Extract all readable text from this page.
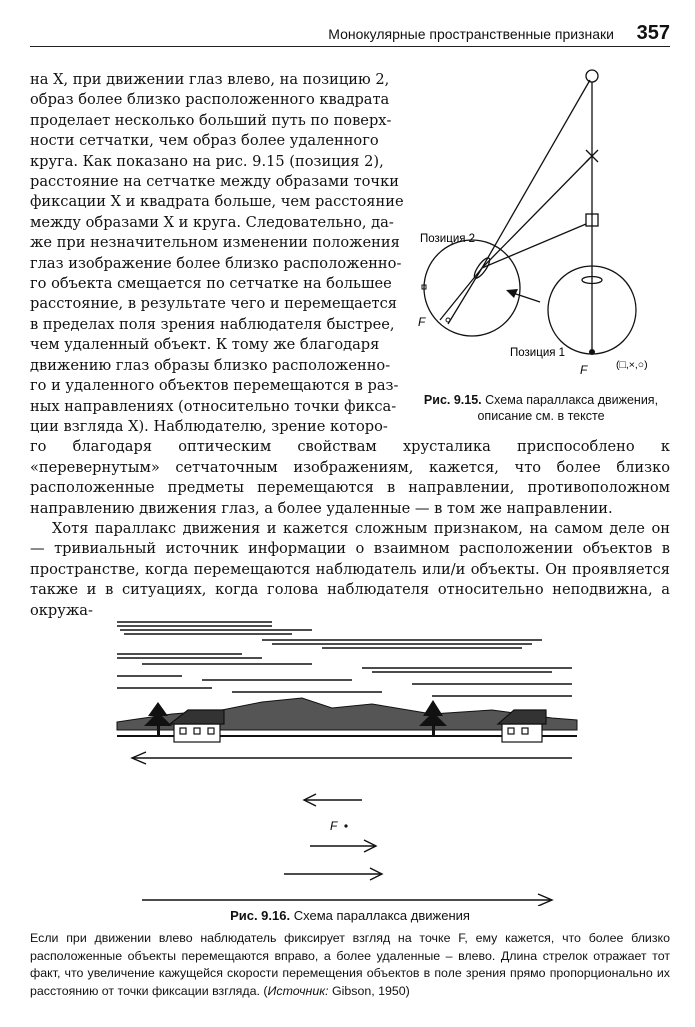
Монокулярные пространственные признаки 357
на X, при движении глаз влево, на позицию 2,
образ более близко расположенного квадрата
проделает несколько больший путь по поверх-
ности сетчатки, чем образ более удаленного
круга. Как показано на рис. 9.15 (позиция 2),
расстояние на сетчатке между образами точки
фиксации X и квадрата больше, чем расстояние
между образами X и круга. Следовательно, да-
же при незначительном изменении положения
глаз изображение более близко расположенно-
го объекта смещается по сетчатке на большее
расстояние, в результате чего и перемещается
в пределах поля зрения наблюдателя быстрее,
чем удаленный объект. К тому же благодаря
движению глаз образы близко расположенно-
го и удаленного объектов перемещаются в раз-
ных направлениях (относительно точки фикса-
ции взгляда X). Наблюдателю, зрение которо-

го благодаря оптическим свойствам хрусталика приспособлено к «перевернутым» сетчаточным изображениям, кажется, что более близко расположенные предметы перемещаются в направлении, противоположном направлению движения глаз, а более удаленные — в том же направлении.

Хотя параллакс движения и кажется сложным признаком, на самом деле он — тривиальный источник информации о взаимном расположении объектов в пространстве, когда перемещаются наблюдатель или/и объекты. Он проявляется также и в ситуациях, когда голова наблюдателя относительно неподвижна, а окружа-

Позиция 2
Позиция 1
F
F	(□,×,○)
Рис. 9.15. Схема параллакса движения, описание см. в тексте
F
Рис. 9.16. Схема параллакса движения
Если при движении влево наблюдатель фиксирует взгляд на точке F, ему кажется, что более близко расположенные объекты перемещаются вправо, а более удаленные – влево. Длина стрелок отражает тот факт, что увеличение кажущейся скорости перемещения объектов в поле зрения прямо пропорционально их расстоянию от точки фиксации взгляда. (Источник: Gibson, 1950)
